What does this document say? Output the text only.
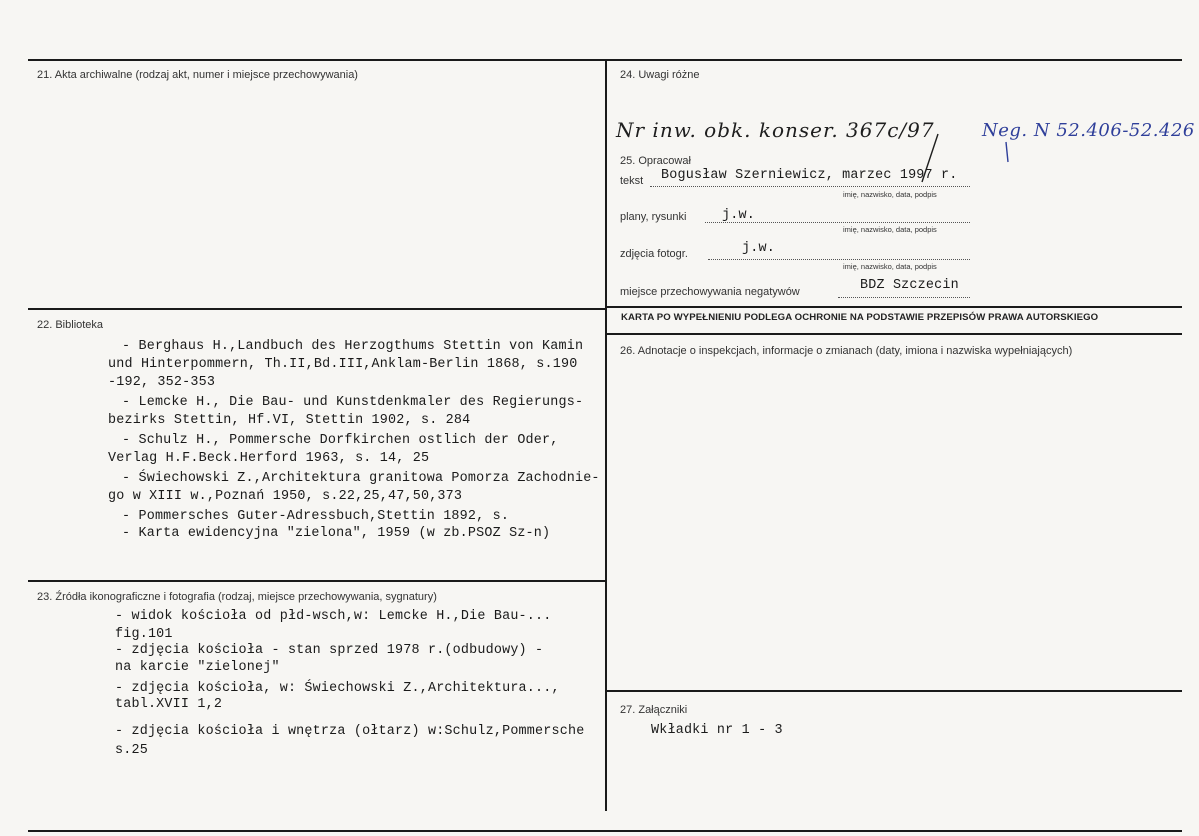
21. Akta archiwalne (rodzaj akt, numer i miejsce przechowywania)
22. Biblioteka
- Berghaus H.,Landbuch des Herzogthums Stettin von Kamin
und Hinterpommern, Th.II,Bd.III,Anklam-Berlin 1868, s.190
-192, 352-353
- Lemcke H., Die Bau- und Kunstdenkmaler des Regierungs-
bezirks Stettin, Hf.VI, Stettin 1902, s. 284
- Schulz H., Pommersche Dorfkirchen ostlich der Oder,
Verlag H.F.Beck.Herford 1963, s. 14, 25
- Świechowski Z.,Architektura granitowa Pomorza Zachodnie-
go w XIII w.,Poznań 1950, s.22,25,47,50,373
- Pommersches Guter-Adressbuch,Stettin 1892, s.
- Karta ewidencyjna "zielona", 1959 (w zb.PSOZ Sz-n)
23. Źródła ikonograficzne i fotografia (rodzaj, miejsce przechowywania, sygnatury)
- widok kościoła od płd-wsch,w: Lemcke H.,Die Bau-...
fig.101
- zdjęcia kościoła - stan sprzed 1978 r.(odbudowy) -
na karcie "zielonej"
- zdjęcia kościoła, w: Świechowski Z.,Architektura...,
tabl.XVII 1,2
- zdjęcia kościoła i wnętrza (ołtarz) w:Schulz,Pommersche
s.25
24. Uwagi różne
Nr inw. obk. konser. 367c/97	Neg. N 52.406-52.426
25. Opracował
tekst Bogusław Szerniewicz, marzec 1997 r.
imię, nazwisko, data, podpis
plany, rysunki	j.w.
imię, nazwisko, data, podpis
zdjęcia fotogr.	j.w.
imię, nazwisko, data, podpis
miejsce przechowywania negatywów	BDZ Szczecin
KARTA PO WYPEŁNIENIU PODLEGA OCHRONIE NA PODSTAWIE PRZEPISÓW PRAWA AUTORSKIEGO
26. Adnotacje o inspekcjach, informacje o zmianach (daty, imiona i nazwiska wypełniających)
27. Załączniki
Wkładki nr 1 - 3
